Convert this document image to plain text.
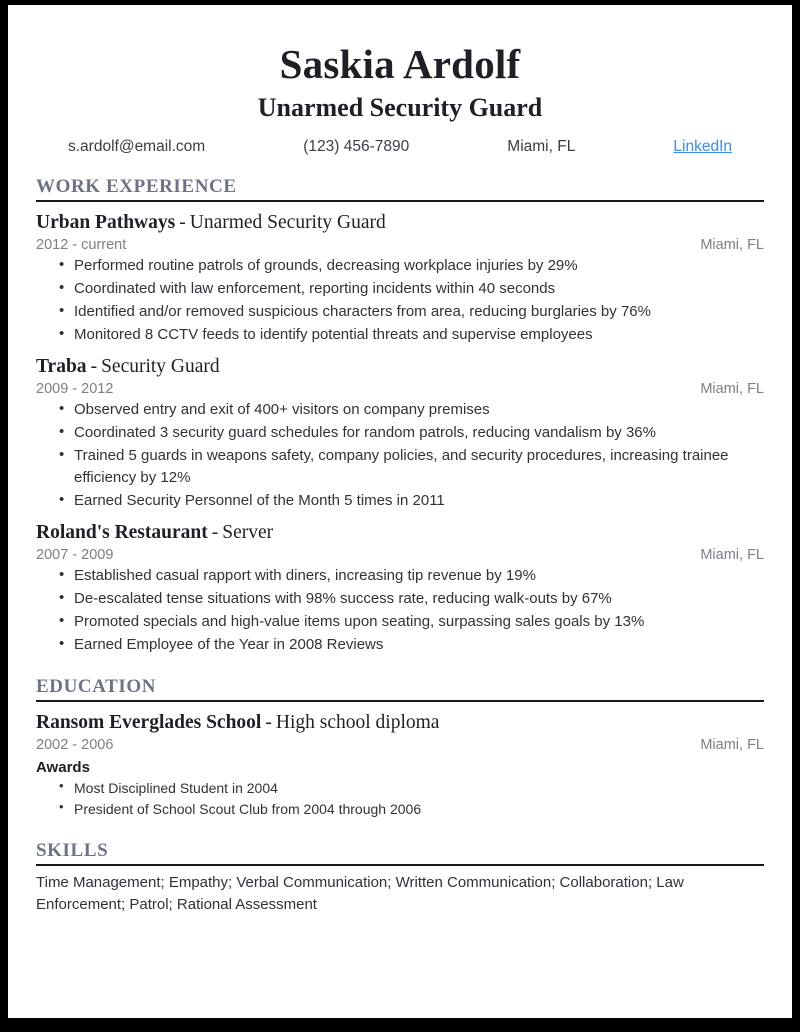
Saskia Ardolf
Unarmed Security Guard
s.ardolf@email.com	(123) 456-7890	Miami, FL	LinkedIn
WORK EXPERIENCE
Urban Pathways - Unarmed Security Guard
2012 - current	Miami, FL
• Performed routine patrols of grounds, decreasing workplace injuries by 29%
• Coordinated with law enforcement, reporting incidents within 40 seconds
• Identified and/or removed suspicious characters from area, reducing burglaries by 76%
• Monitored 8 CCTV feeds to identify potential threats and supervise employees
Traba - Security Guard
2009 - 2012	Miami, FL
• Observed entry and exit of 400+ visitors on company premises
• Coordinated 3 security guard schedules for random patrols, reducing vandalism by 36%
• Trained 5 guards in weapons safety, company policies, and security procedures, increasing trainee efficiency by 12%
• Earned Security Personnel of the Month 5 times in 2011
Roland's Restaurant - Server
2007 - 2009	Miami, FL
• Established casual rapport with diners, increasing tip revenue by 19%
• De-escalated tense situations with 98% success rate, reducing walk-outs by 67%
• Promoted specials and high-value items upon seating, surpassing sales goals by 13%
• Earned Employee of the Year in 2008 Reviews
EDUCATION
Ransom Everglades School - High school diploma
2002 - 2006	Miami, FL
Awards
• Most Disciplined Student in 2004
• President of School Scout Club from 2004 through 2006
SKILLS
Time Management; Empathy; Verbal Communication; Written Communication; Collaboration; Law Enforcement; Patrol; Rational Assessment
